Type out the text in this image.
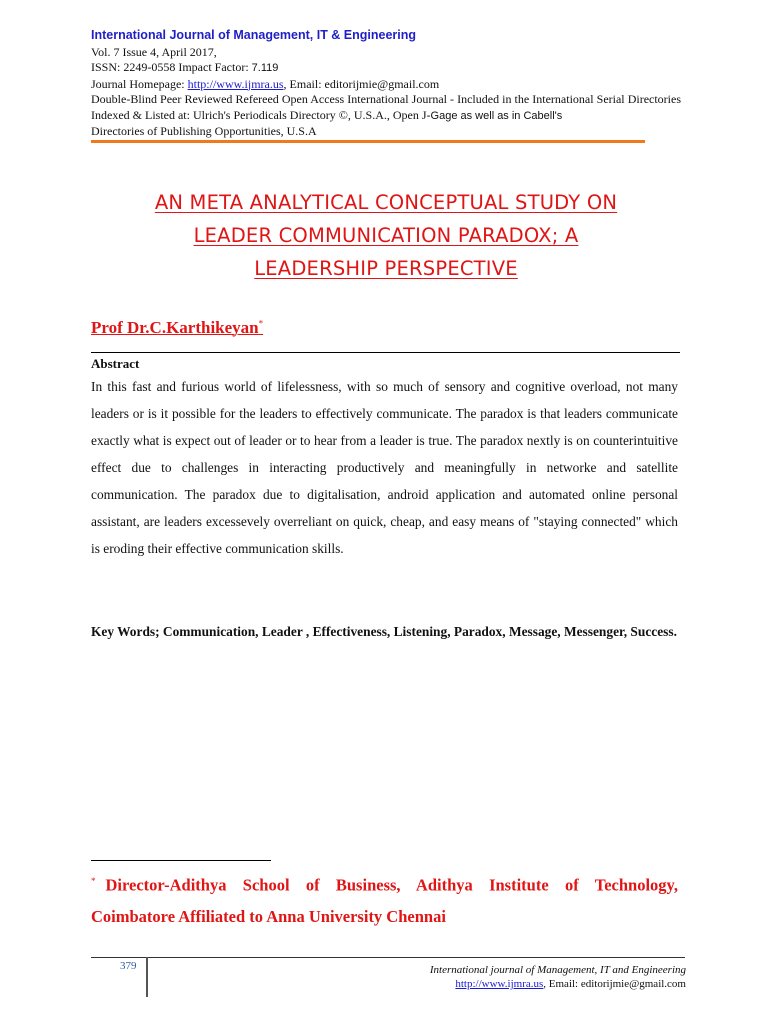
International Journal of Management, IT & Engineering
Vol. 7 Issue 4, April 2017,
ISSN: 2249-0558 Impact Factor: 7.119
Journal Homepage: http://www.ijmra.us, Email: editorijmie@gmail.com
Double-Blind Peer Reviewed Refereed Open Access International Journal - Included in the International Serial Directories Indexed & Listed at: Ulrich's Periodicals Directory ©, U.S.A., Open J-Gage as well as in Cabell's
Directories of Publishing Opportunities, U.S.A
AN META ANALYTICAL CONCEPTUAL STUDY ON
LEADER COMMUNICATION PARADOX; A
LEADERSHIP PERSPECTIVE
Prof Dr.C.Karthikeyan*
Abstract
In this fast and furious world of lifelessness, with so much of sensory and cognitive overload, not many leaders or is it possible for the leaders to effectively communicate. The paradox is that leaders communicate exactly what is expect out of leader or to hear from a leader is true. The paradox nextly is on counterintuitive effect due to challenges in interacting productively and meaningfully in networke and satellite communication. The paradox due to digitalisation, android application and automated online personal assistant, are leaders excessevely overreliant on quick, cheap, and easy means of "staying connected" which is eroding their effective communication skills.
Key Words; Communication, Leader , Effectiveness, Listening, Paradox, Message, Messenger, Success.
* Director-Adithya School of Business, Adithya Institute of Technology, Coimbatore Affiliated to Anna University Chennai
379	International journal of Management, IT and Engineering
http://www.ijmra.us, Email: editorijmie@gmail.com
